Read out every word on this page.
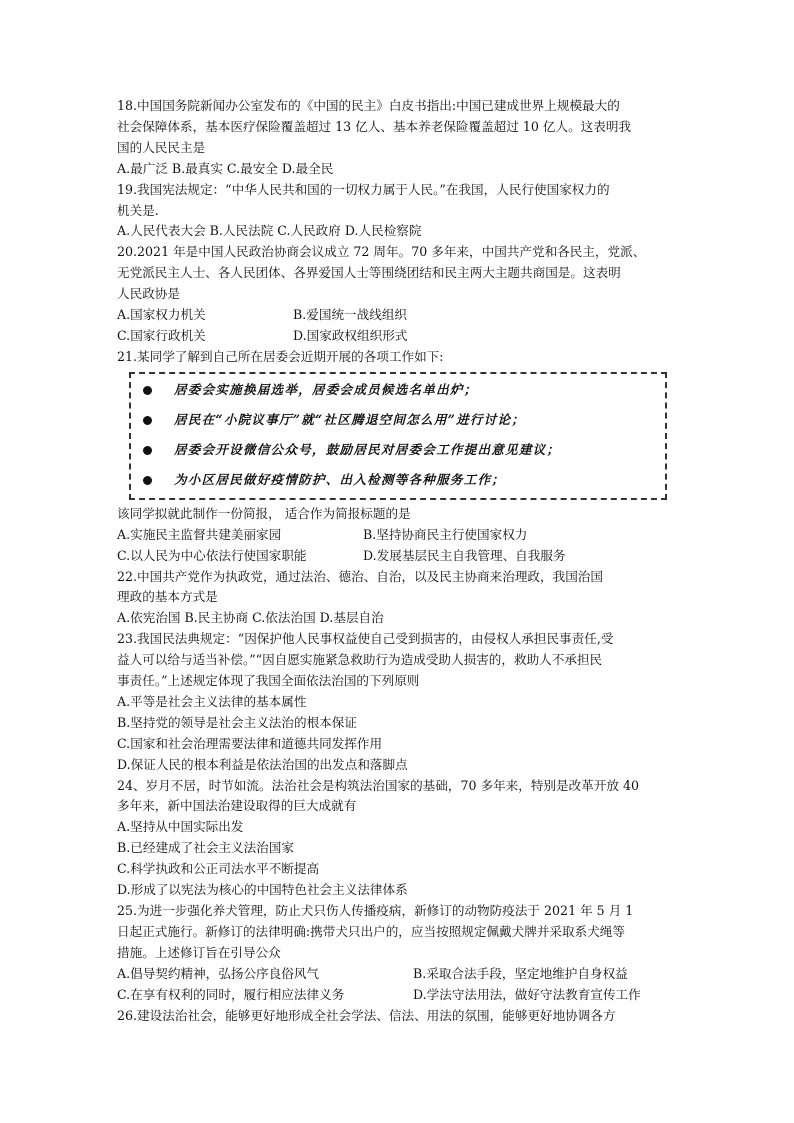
18.中国国务院新闻办公室发布的《中国的民主》白皮书指出:中国已建成世界上规模最大的
社会保障体系，基本医疗保险覆盖超过 13 亿人、基本养老保险覆盖超过 10 亿人。这表明我
国的人民民主是
A.最广泛 B.最真实 C.最安全 D.最全民
19.我国宪法规定：“中华人民共和国的一切权力属于人民。”在我国，人民行使国家权力的
机关是.
A.人民代表大会 B.人民法院 C.人民政府 D.人民检察院
20.2021 年是中国人民政治协商会议成立 72 周年。70 多年来，中国共产党和各民主，党派、
无党派民主人士、各人民团体、各界爱国人士等围绕团结和民主两大主题共商国是。这表明
人民政协是
A.国家权力机关	B.爱国统一战线组织
C.国家行政机关	D.国家政权组织形式
21.某同学了解到自己所在居委会近期开展的各项工作如下:
居委会实施换届选举，居委会成员候选名单出炉；
居民在“小院议事厅”就“社区腾退空间怎么用”进行讨论；
居委会开设微信公众号，鼓励居民对居委会工作提出意见建议；
为小区居民做好疫情防护、出入检测等各种服务工作；
该同学拟就此制作一份简报， 适合作为简报标题的是
A.实施民主监督共建美丽家园	B.坚持协商民主行使国家权力
C.以人民为中心依法行使国家职能	D.发展基层民主自我管理、自我服务
22.中国共产党作为执政党，通过法治、德治、自治，以及民主协商来治理政，我国治国
理政的基本方式是
A.依宪治国 B.民主协商 C.依法治国 D.基层自治
23.我国民法典规定：“因保护他人民事权益使自己受到损害的，由侵权人承担民事责任,受
益人可以给与适当补偿。”“因自愿实施紧急救助行为造成受助人损害的，救助人不承担民
事责任。”上述规定体现了我国全面依法治国的下列原则
A.平等是社会主义法律的基本属性
B.坚持党的领导是社会主义法治的根本保证
C.国家和社会治理需要法律和道德共同发挥作用
D.保证人民的根本利益是依法治国的出发点和落脚点
24、岁月不居，时节如流。法治社会是构筑法治国家的基础，70 多年来，特别是改革开放 40
多年来，新中国法治建设取得的巨大成就有
A.坚持从中国实际出发
B.已经建成了社会主义法治国家
C.科学执政和公正司法水平不断提高
D.形成了以宪法为核心的中国特色社会主义法律体系
25.为进一步强化养犬管理，防止犬只伤人传播疫病，新修订的动物防疫法于 2021 年 5 月 1
日起正式施行。新修订的法律明确:携带犬只出户的，应当按照规定佩戴犬牌并采取系犬绳等
措施。上述修订旨在引导公众
A.倡导契约精神，弘扬公序良俗风气	B.采取合法手段，坚定地维护自身权益
C.在享有权利的同时，履行相应法律义务	D.学法守法用法，做好守法教育宣传工作
26.建设法治社会，能够更好地形成全社会学法、信法、用法的氛围，能够更好地协调各方
